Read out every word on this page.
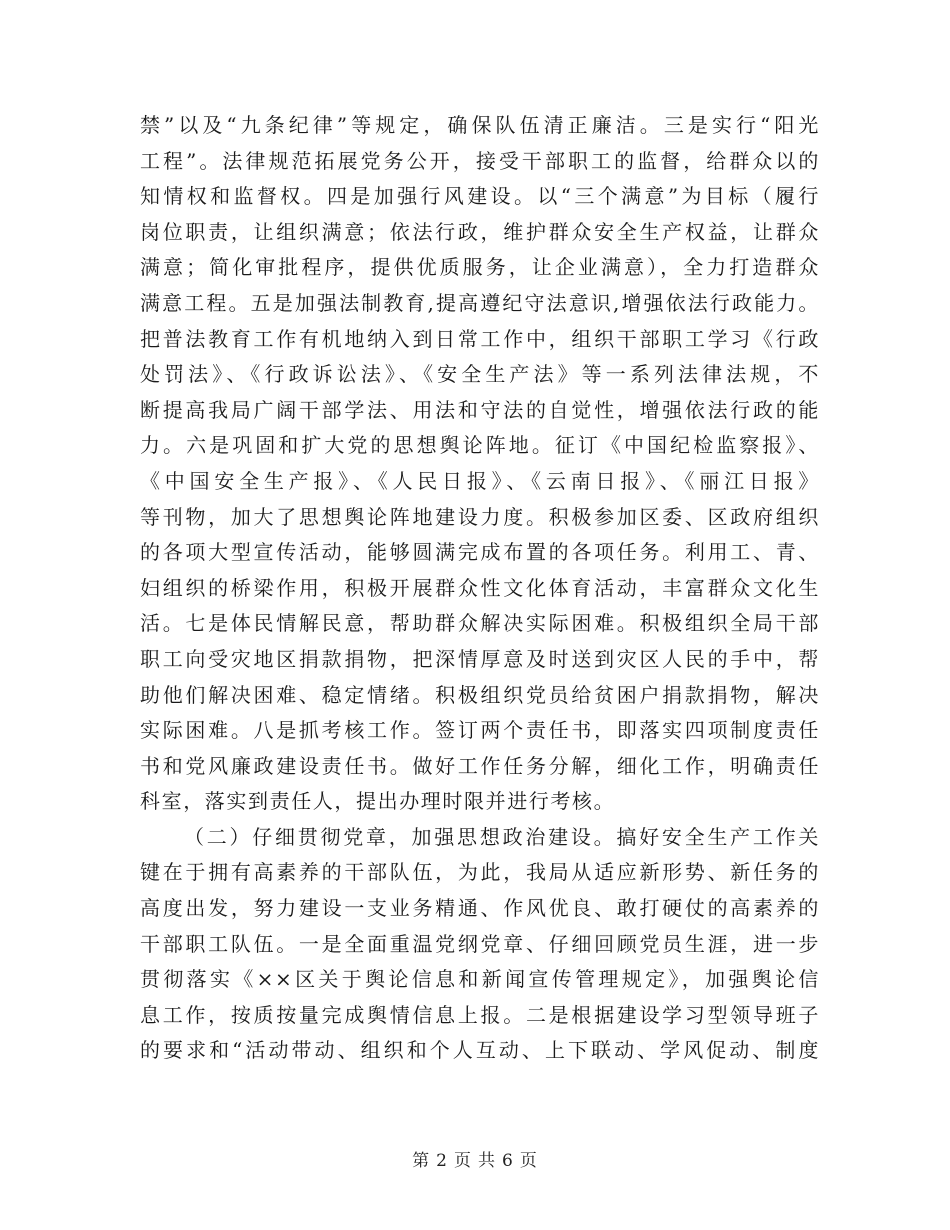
禁”以及“九条纪律”等规定，确保队伍清正廉洁。三是实行“阳光
工程”。法律规范拓展党务公开，接受干部职工的监督，给群众以的
知情权和监督权。四是加强行风建设。以“三个满意”为目标（履行
岗位职责，让组织满意；依法行政，维护群众安全生产权益，让群众
满意；简化审批程序，提供优质服务，让企业满意），全力打造群众
满意工程。五是加强法制教育,提高遵纪守法意识,增强依法行政能力。
把普法教育工作有机地纳入到日常工作中，组织干部职工学习《行政
处罚法》、《行政诉讼法》、《安全生产法》等一系列法律法规，不
断提高我局广阔干部学法、用法和守法的自觉性，增强依法行政的能
力。六是巩固和扩大党的思想舆论阵地。征订《中国纪检监察报》、
《中国安全生产报》、《人民日报》、《云南日报》、《丽江日报》
等刊物，加大了思想舆论阵地建设力度。积极参加区委、区政府组织
的各项大型宣传活动，能够圆满完成布置的各项任务。利用工、青、
妇组织的桥梁作用，积极开展群众性文化体育活动，丰富群众文化生
活。七是体民情解民意，帮助群众解决实际困难。积极组织全局干部
职工向受灾地区捐款捐物，把深情厚意及时送到灾区人民的手中，帮
助他们解决困难、稳定情绪。积极组织党员给贫困户捐款捐物，解决
实际困难。八是抓考核工作。签订两个责任书，即落实四项制度责任
书和党风廉政建设责任书。做好工作任务分解，细化工作，明确责任
科室，落实到责任人，提出办理时限并进行考核。
（二）仔细贯彻党章，加强思想政治建设。搞好安全生产工作关
键在于拥有高素养的干部队伍，为此，我局从适应新形势、新任务的
高度出发，努力建设一支业务精通、作风优良、敢打硬仗的高素养的
干部职工队伍。一是全面重温党纲党章、仔细回顾党员生涯，进一步
贯彻落实《××区关于舆论信息和新闻宣传管理规定》，加强舆论信
息工作，按质按量完成舆情信息上报。二是根据建设学习型领导班子
的要求和“活动带动、组织和个人互动、上下联动、学风促动、制度
第 2 页 共 6 页
